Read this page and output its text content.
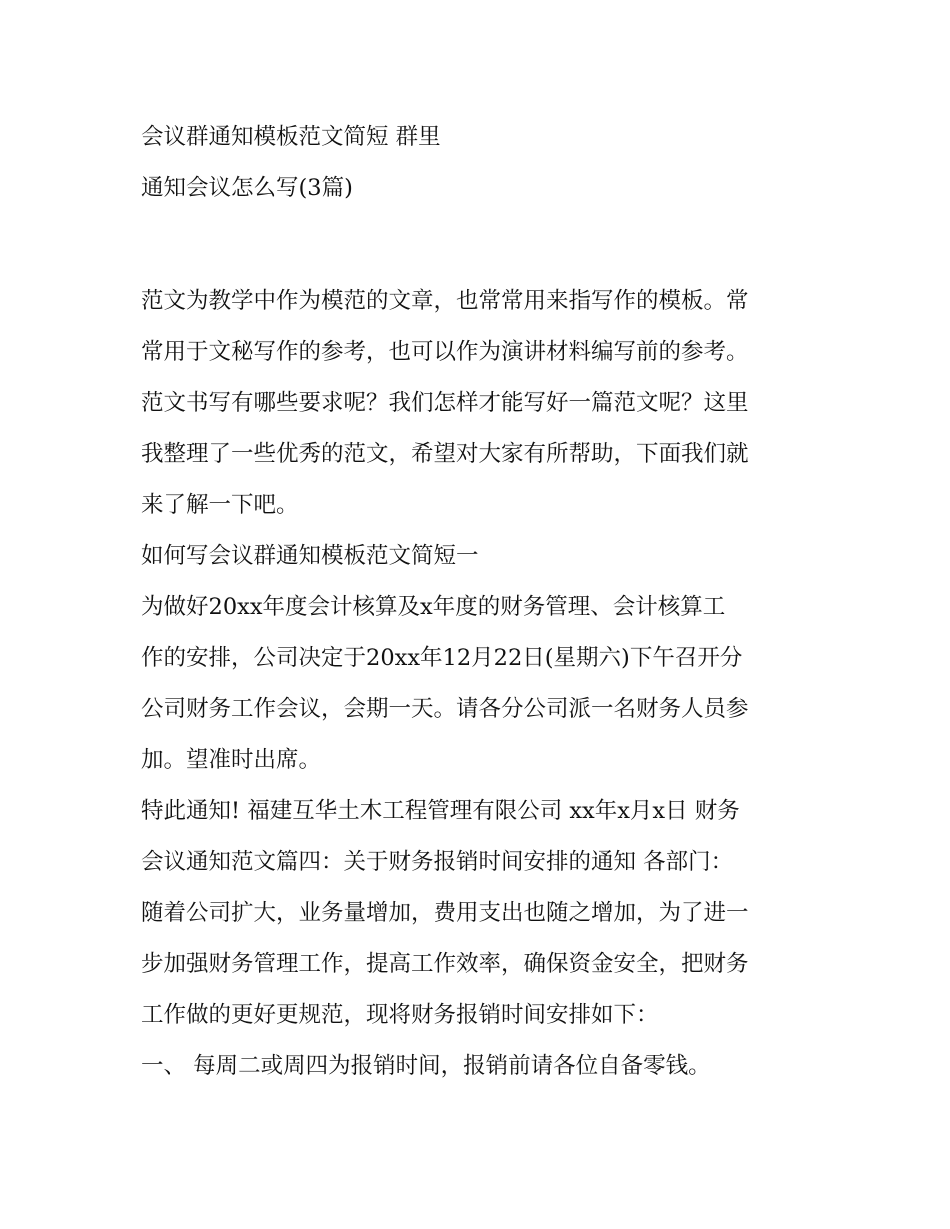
会议群通知模板范文简短 群里
通知会议怎么写(3篇)
范文为教学中作为模范的文章，也常常用来指写作的模板。常
常用于文秘写作的参考，也可以作为演讲材料编写前的参考。
范文书写有哪些要求呢？我们怎样才能写好一篇范文呢？这里
我整理了一些优秀的范文，希望对大家有所帮助，下面我们就
来了解一下吧。
如何写会议群通知模板范文简短一
为做好20xx年度会计核算及x年度的财务管理、会计核算工
作的安排，公司决定于20xx年12月22日(星期六)下午召开分
公司财务工作会议，会期一天。请各分公司派一名财务人员参
加。望准时出席。
特此通知! 福建互华土木工程管理有限公司 xx年x月x日 财务
会议通知范文篇四：关于财务报销时间安排的通知 各部门：
随着公司扩大，业务量增加，费用支出也随之增加，为了进一
步加强财务管理工作，提高工作效率，确保资金安全，把财务
工作做的更好更规范，现将财务报销时间安排如下：
一、 每周二或周四为报销时间，报销前请各位自备零钱。
